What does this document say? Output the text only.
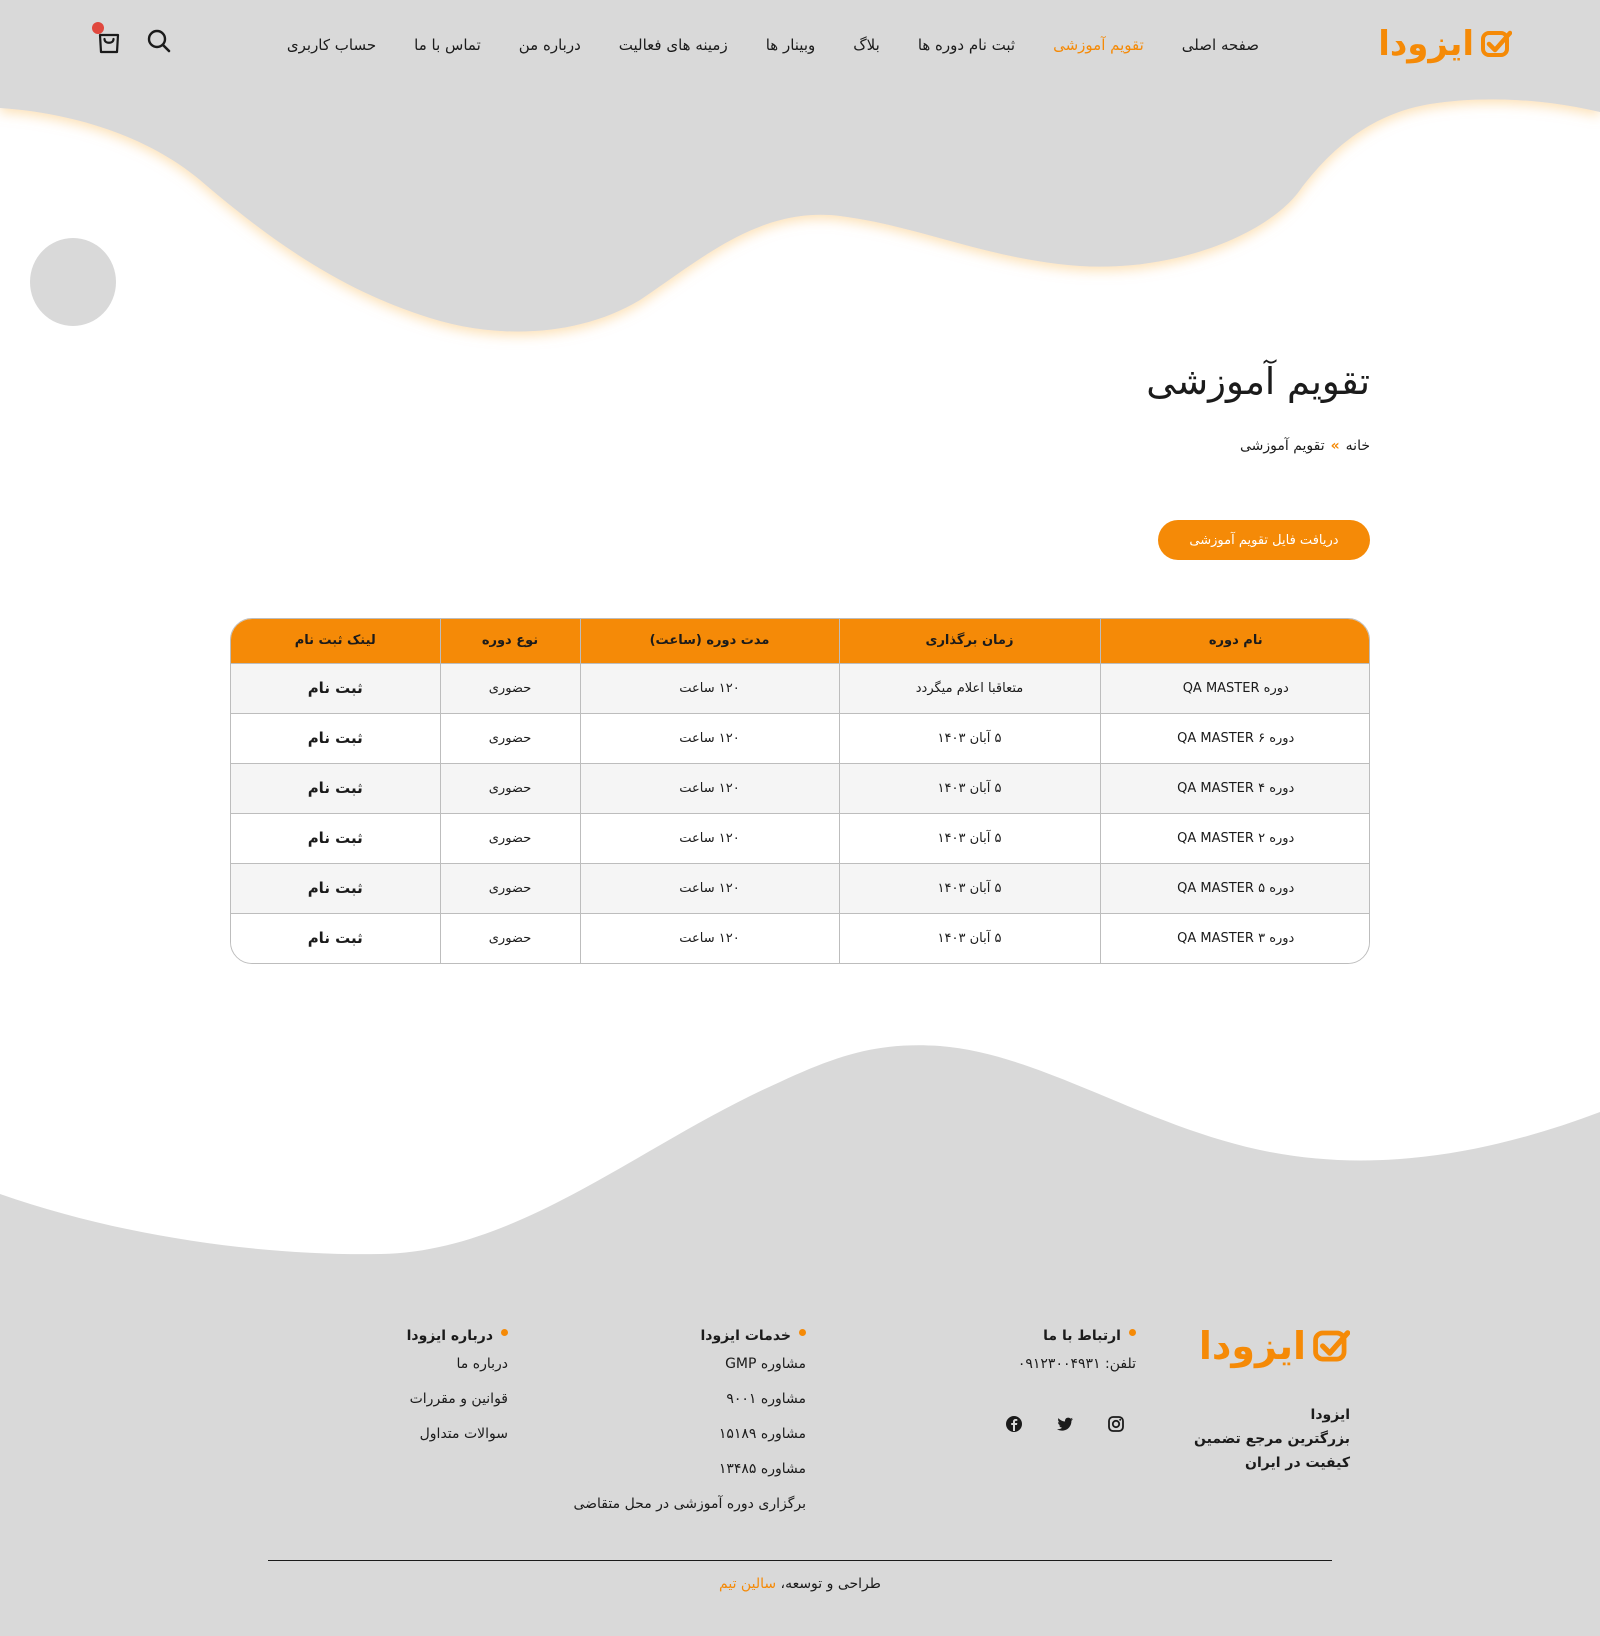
ایزودا
صفحه اصلی
تقویم آموزشی
ثبت نام دوره ها
بلاگ
وبینار ها
زمینه های فعالیت
درباره من
تماس با ما
حساب کاربری
تقویم آموزشی
خانه
»
تقویم آموزشی
دریافت فایل تقویم آموزشی
نام دوره	زمان برگذاری	مدت دوره (ساعت)	نوع دوره	لینک ثبت نام
دوره QA MASTER	متعاقبا اعلام میگردد	۱۲۰ ساعت	حضوری	ثبت نام
دوره ۶ QA MASTER	۵ آبان ۱۴۰۳	۱۲۰ ساعت	حضوری	ثبت نام
دوره ۴ QA MASTER	۵ آبان ۱۴۰۳	۱۲۰ ساعت	حضوری	ثبت نام
دوره ۲ QA MASTER	۵ آبان ۱۴۰۳	۱۲۰ ساعت	حضوری	ثبت نام
دوره ۵ QA MASTER	۵ آبان ۱۴۰۳	۱۲۰ ساعت	حضوری	ثبت نام
دوره ۳ QA MASTER	۵ آبان ۱۴۰۳	۱۲۰ ساعت	حضوری	ثبت نام
ایزودا
ایزودا
بزرگترین مرجع تضمین
کیفیت در ایران
ارتباط با ما
تلفن: ۰۹۱۲۳۰۰۴۹۳۱
خدمات ایزودا
مشاوره GMP
مشاوره ۹۰۰۱
مشاوره ۱۵۱۸۹
مشاوره ۱۳۴۸۵
برگزاری دوره آموزشی در محل متقاضی
درباره ایزودا
درباره ما
قوانین و مقررات
سوالات متداول
طراحی و توسعه، سالین تیم
